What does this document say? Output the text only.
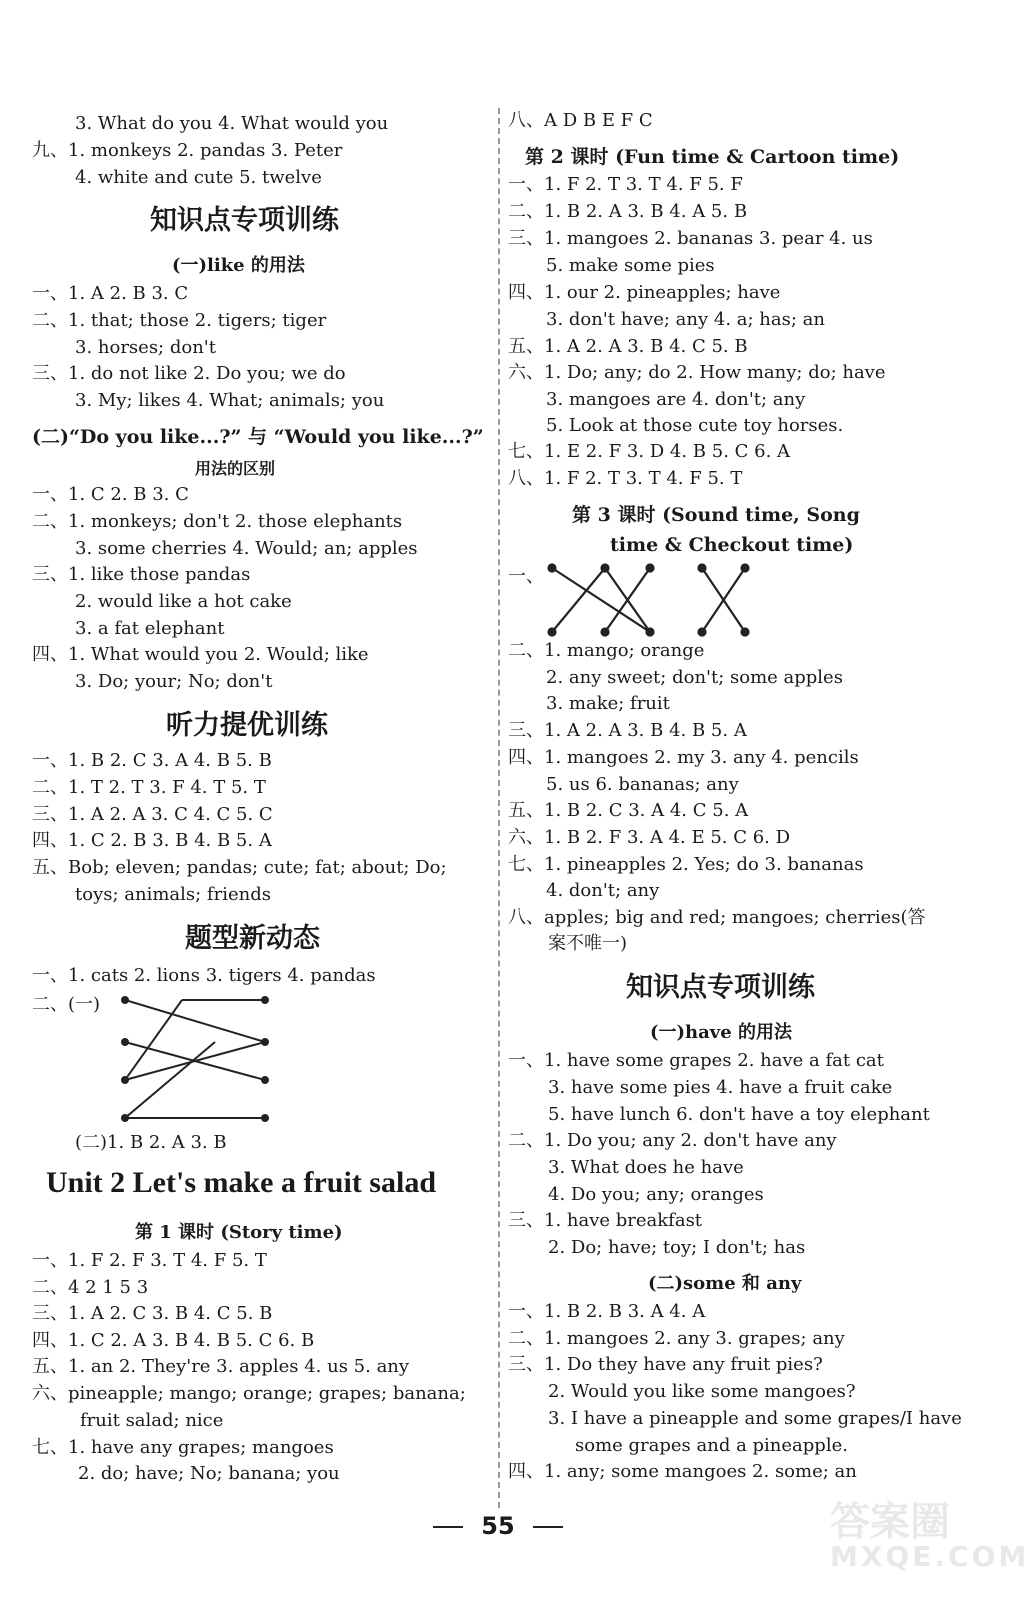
3. What do you 4. What would you
九、1. monkeys 2. pandas 3. Peter
4. white and cute 5. twelve
知识点专项训练
(一)like 的用法
一、1. A 2. B 3. C
二、1. that; those 2. tigers; tiger
3. horses; don't
三、1. do not like 2. Do you; we do
3. My; likes 4. What; animals; you
(二)“Do you like...?” 与 “Would you like...?”
用法的区别
一、1. C 2. B 3. C
二、1. monkeys; don't 2. those elephants
3. some cherries 4. Would; an; apples
三、1. like those pandas
2. would like a hot cake
3. a fat elephant
四、1. What would you 2. Would; like
3. Do; your; No; don't
听力提优训练
一、1. B 2. C 3. A 4. B 5. B
二、1. T 2. T 3. F 4. T 5. T
三、1. A 2. A 3. C 4. C 5. C
四、1. C 2. B 3. B 4. B 5. A
五、Bob; eleven; pandas; cute; fat; about; Do;
toys; animals; friends
题型新动态
一、1. cats 2. lions 3. tigers 4. pandas
二、(一)
(二)1. B 2. A 3. B
Unit 2 Let's make a fruit salad
第 1 课时 (Story time)
一、1. F 2. F 3. T 4. F 5. T
二、4 2 1 5 3
三、1. A 2. C 3. B 4. C 5. B
四、1. C 2. A 3. B 4. B 5. C 6. B
五、1. an 2. They're 3. apples 4. us 5. any
六、pineapple; mango; orange; grapes; banana;
fruit salad; nice
七、1. have any grapes; mangoes
2. do; have; No; banana; you
八、A D B E F C
第 2 课时 (Fun time & Cartoon time)
一、1. F 2. T 3. T 4. F 5. F
二、1. B 2. A 3. B 4. A 5. B
三、1. mangoes 2. bananas 3. pear 4. us
5. make some pies
四、1. our 2. pineapples; have
3. don't have; any 4. a; has; an
五、1. A 2. A 3. B 4. C 5. B
六、1. Do; any; do 2. How many; do; have
3. mangoes are 4. don't; any
5. Look at those cute toy horses.
七、1. E 2. F 3. D 4. B 5. C 6. A
八、1. F 2. T 3. T 4. F 5. T
第 3 课时 (Sound time, Song
time & Checkout time)
一、
二、1. mango; orange
2. any sweet; don't; some apples
3. make; fruit
三、1. A 2. A 3. B 4. B 5. A
四、1. mangoes 2. my 3. any 4. pencils
5. us 6. bananas; any
五、1. B 2. C 3. A 4. C 5. A
六、1. B 2. F 3. A 4. E 5. C 6. D
七、1. pineapples 2. Yes; do 3. bananas
4. don't; any
八、apples; big and red; mangoes; cherries(答
案不唯一)
知识点专项训练
(一)have 的用法
一、1. have some grapes 2. have a fat cat
3. have some pies 4. have a fruit cake
5. have lunch 6. don't have a toy elephant
二、1. Do you; any 2. don't have any
3. What does he have
4. Do you; any; oranges
三、1. have breakfast
2. Do; have; toy; I don't; has
(二)some 和 any
一、1. B 2. B 3. A 4. A
二、1. mangoes 2. any 3. grapes; any
三、1. Do they have any fruit pies?
2. Would you like some mangoes?
3. I have a pineapple and some grapes/I have
some grapes and a pineapple.
四、1. any; some mangoes 2. some; an
55
MXQE.COM
答案圈
